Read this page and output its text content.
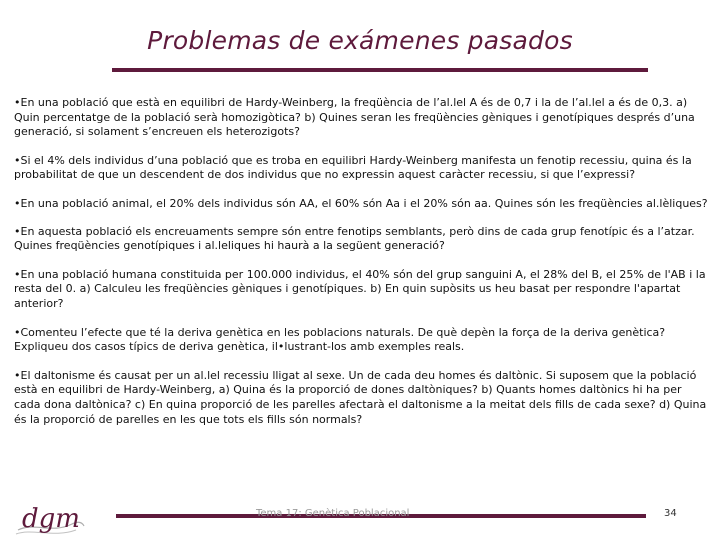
Problemas de exámenes pasados

•En una població que està en equilibri de Hardy-Weinberg, la freqüència de l’al.lel A és de 0,7 i la de l’al.lel a és de 0,3. a) Quin percentatge de la població serà homozigòtica? b) Quines seran les freqüències gèniques i genotípiques després d’una generació, si solament s’encreuen els heterozigots?

•Si el 4% dels individus d’una població que es troba en equilibri Hardy-Weinberg manifesta un fenotip recessiu, quina és la probabilitat de que un descendent de dos individus que no expressin aquest caràcter recessiu, si que l’expressi?

•En una població animal, el 20% dels individus són AA, el 60% són Aa i el 20% són aa. Quines són les freqüències al.lèliques?

•En aquesta població els encreuaments sempre són entre fenotips semblants, però dins de cada grup fenotípic és a l’atzar. Quines freqüències genotípiques i al.leliques hi haurà a la següent generació?

•En una població humana constituida per 100.000 individus, el 40% són del grup sanguini A, el 28% del B, el 25% de l'AB i la resta del 0. a) Calculeu les freqüències gèniques i genotípiques. b) En quin supòsits us heu basat per respondre l'apartat anterior?

•Comenteu l’efecte que té la deriva genètica en les poblacions naturals. De què depèn la força de la deriva genètica? Expliqueu dos casos típics de deriva genètica, il•lustrant-los amb exemples reals.

•El daltonisme és causat per un al.lel recessiu lligat al sexe. Un de cada deu homes és daltònic. Si suposem que la població està en equilibri de Hardy-Weinberg, a) Quina és la proporció de dones daltòniques? b) Quants homes daltònics hi ha per cada dona daltònica? c) En quina proporció de les parelles afectarà el daltonisme a la meitat dels fills de cada sexe? d) Quina és la proporció de parelles en les que tots els fills són normals?

dgm	Tema 17: Genètica Poblacional	34
